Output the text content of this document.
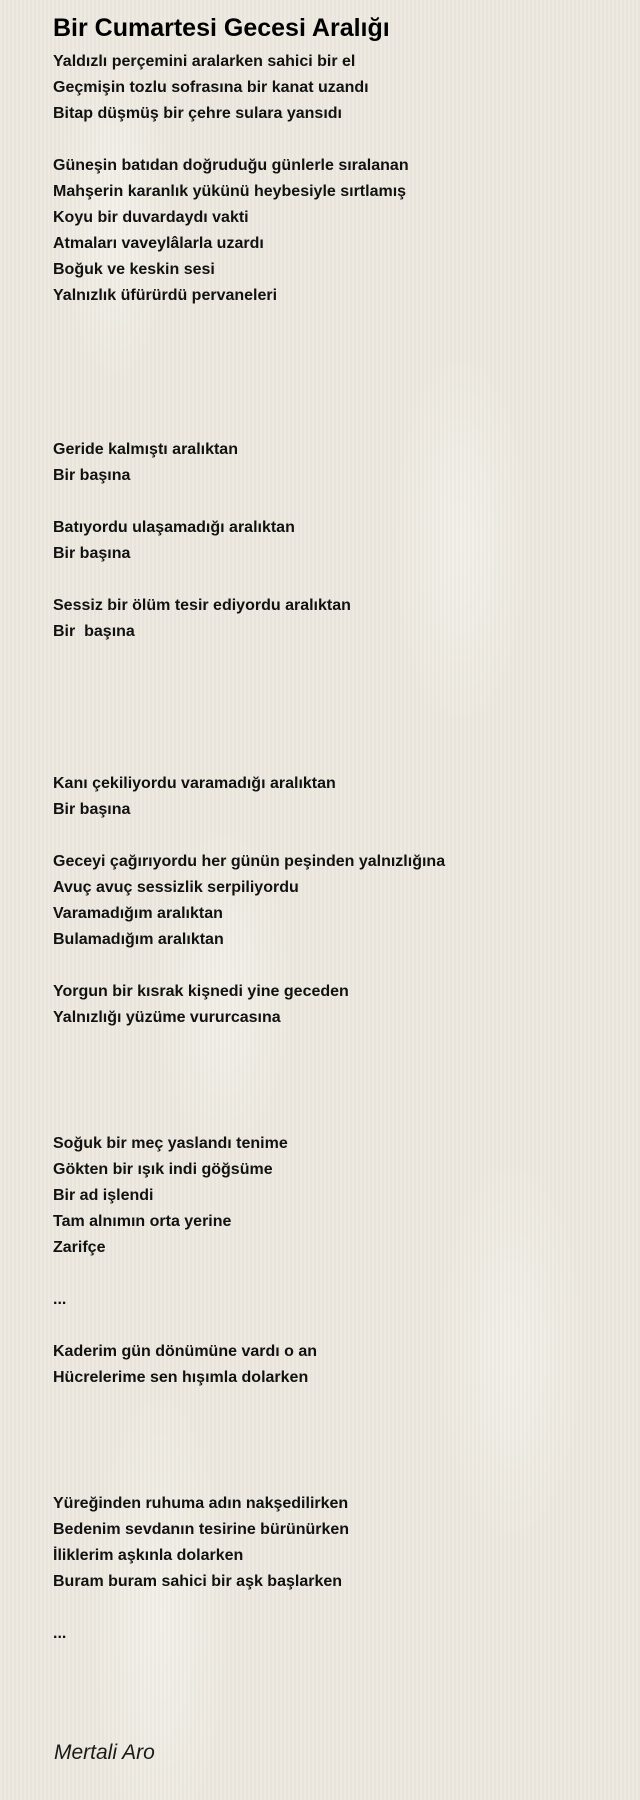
Bir Cumartesi Gecesi Aralığı

Yaldızlı perçemini aralarken sahici bir el

Geçmişin tozlu sofrasına bir kanat uzandı

Bitap düşmüş bir çehre sulara yansıdı

Güneşin batıdan doğruduğu günlerle sıralanan

Mahşerin karanlık yükünü heybesiyle sırtlamış

Koyu bir duvardaydı vakti

Atmaları vaveylâlarla uzardı

Boğuk ve keskin sesi

Yalnızlık üfürürdü pervaneleri

Geride kalmıştı aralıktan

Bir başına

Batıyordu ulaşamadığı aralıktan

Bir başına

Sessiz bir ölüm tesir ediyordu aralıktan

Bir  başına

Kanı çekiliyordu varamadığı aralıktan

Bir başına

Geceyi çağırıyordu her günün peşinden yalnızlığına

Avuç avuç sessizlik serpiliyordu

Varamadığım aralıktan

Bulamadığım aralıktan

Yorgun bir kısrak kişnedi yine geceden

Yalnızlığı yüzüme vururcasına

Soğuk bir meç yaslandı tenime

Gökten bir ışık indi göğsüme

Bir ad işlendi

Tam alnımın orta yerine

Zarifçe

...

Kaderim gün dönümüne vardı o an

Hücrelerime sen hışımla dolarken

Yüreğinden ruhuma adın nakşedilirken

Bedenim sevdanın tesirine bürünürken

İliklerim aşkınla dolarken

Buram buram sahici bir aşk başlarken

...

Mertali Aro
